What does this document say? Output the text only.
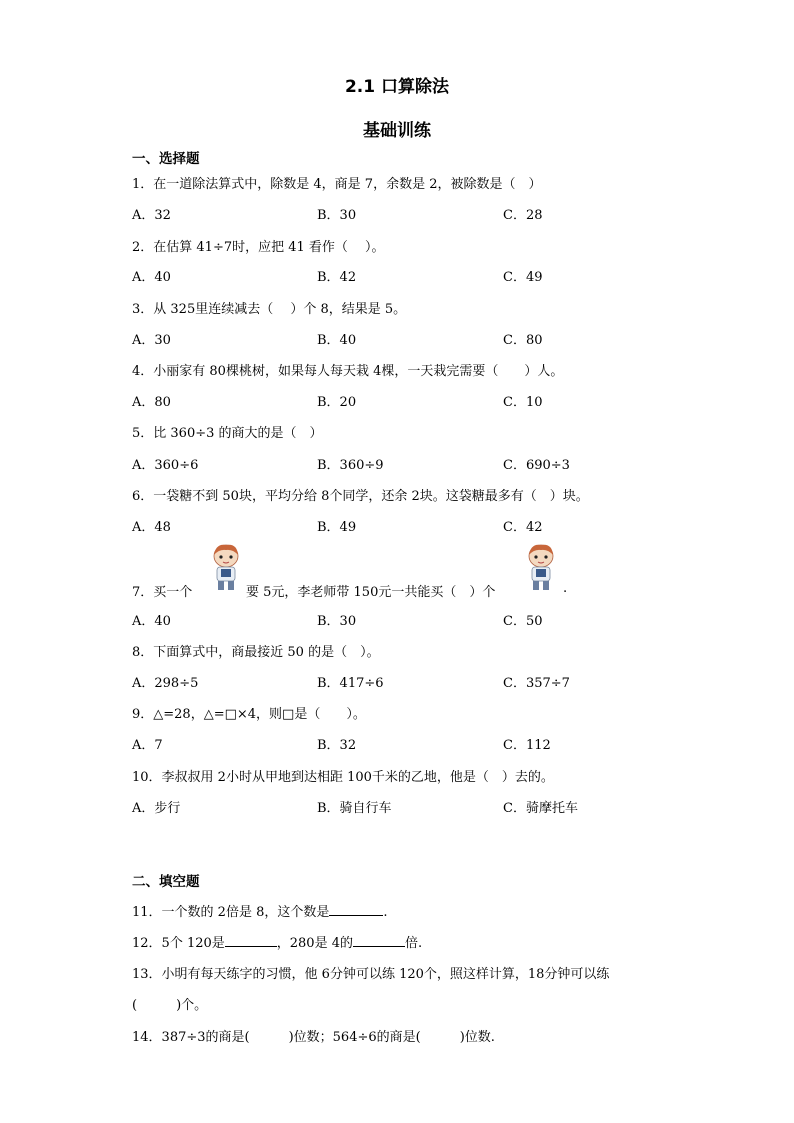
2.1 口算除法
基础训练
一、选择题
1．在一道除法算式中，除数是 4，商是 7，余数是 2，被除数是（　）
A．32	B．30	C．28
2．在估算 41÷7时，应把 41 看作（　 ）。
A．40	B．42	C．49
3．从 325里连续减去（　 ）个 8，结果是 5。
A．30	B．40	C．80
4．小丽家有 80棵桃树，如果每人每天栽 4棵，一天栽完需要（　　）人。
A．80	B．20	C．10
5．比 360÷3 的商大的是（　）
A．360÷6	B．360÷9	C．690÷3
6．一袋糖不到 50块，平均分给 8个同学，还余 2块。这袋糖最多有（　）块。
A．48	B．49	C．42
7．买一个	要 5元，李老师带 150元一共能买（　）个	.
A．40	B．30	C．50
8．下面算式中，商最接近 50 的是（　）。
A．298÷5	B．417÷6	C．357÷7
9．△=28，△=□×4，则□是（　　）。
A．7	B．32	C．112
10．李叔叔用 2小时从甲地到达相距 100千米的乙地，他是（　）去的。
A．步行	B．骑自行车	C．骑摩托车
二、填空题
11．一个数的 2倍是 8，这个数是	.
12．5个 120是	，280是 4的	倍.
13．小明有每天练字的习惯，他 6分钟可以练 120个，照这样计算，18分钟可以练
(　　　)个。
14．387÷3的商是(　　　)位数；564÷6的商是(　　　)位数.
